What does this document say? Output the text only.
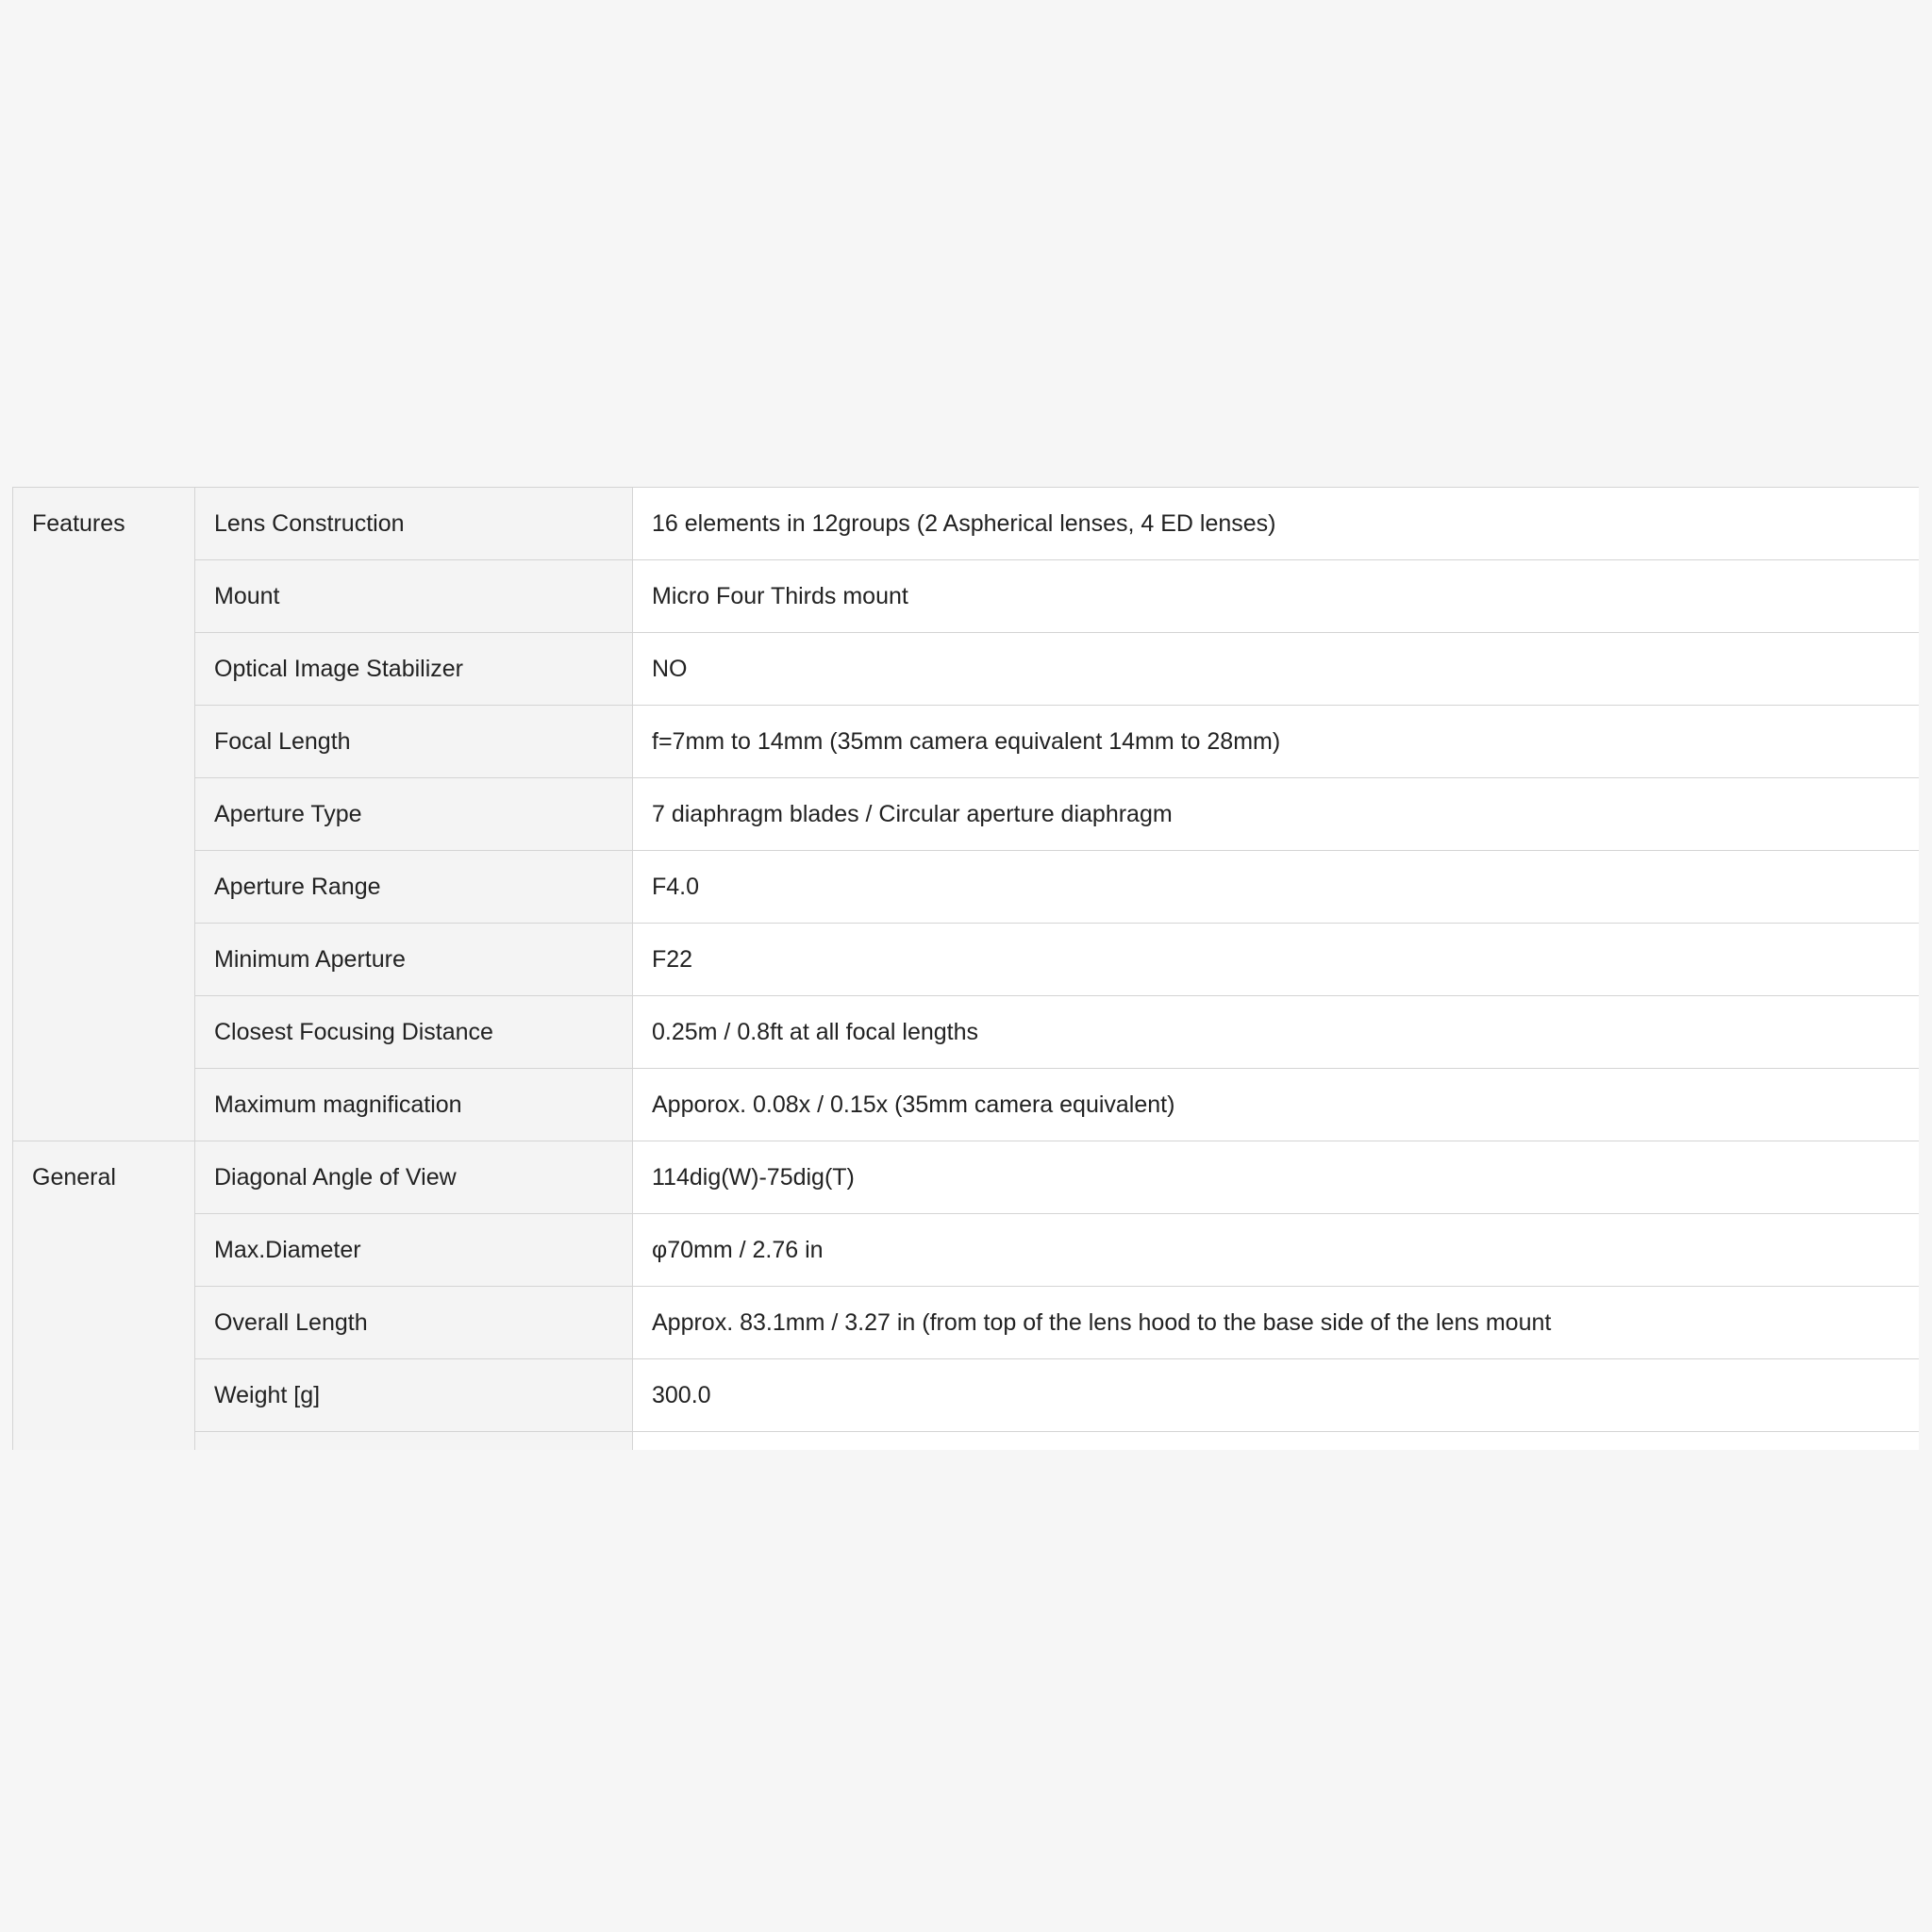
Features	Lens Construction	16 elements in 12groups (2 Aspherical lenses, 4 ED lenses)
	Mount	Micro Four Thirds mount
	Optical Image Stabilizer	NO
	Focal Length	f=7mm to 14mm (35mm camera equivalent 14mm to 28mm)
	Aperture Type	7 diaphragm blades / Circular aperture diaphragm
	Aperture Range	F4.0
	Minimum Aperture	F22
	Closest Focusing Distance	0.25m / 0.8ft at all focal lengths
	Maximum magnification	Apporox. 0.08x / 0.15x (35mm camera equivalent)
General	Diagonal Angle of View	114dig(W)-75dig(T)
	Max.Diameter	φ70mm / 2.76 in
	Overall Length	Approx. 83.1mm / 3.27 in (from top of the lens hood to the base side of the lens mount
	Weight [g]	300.0
